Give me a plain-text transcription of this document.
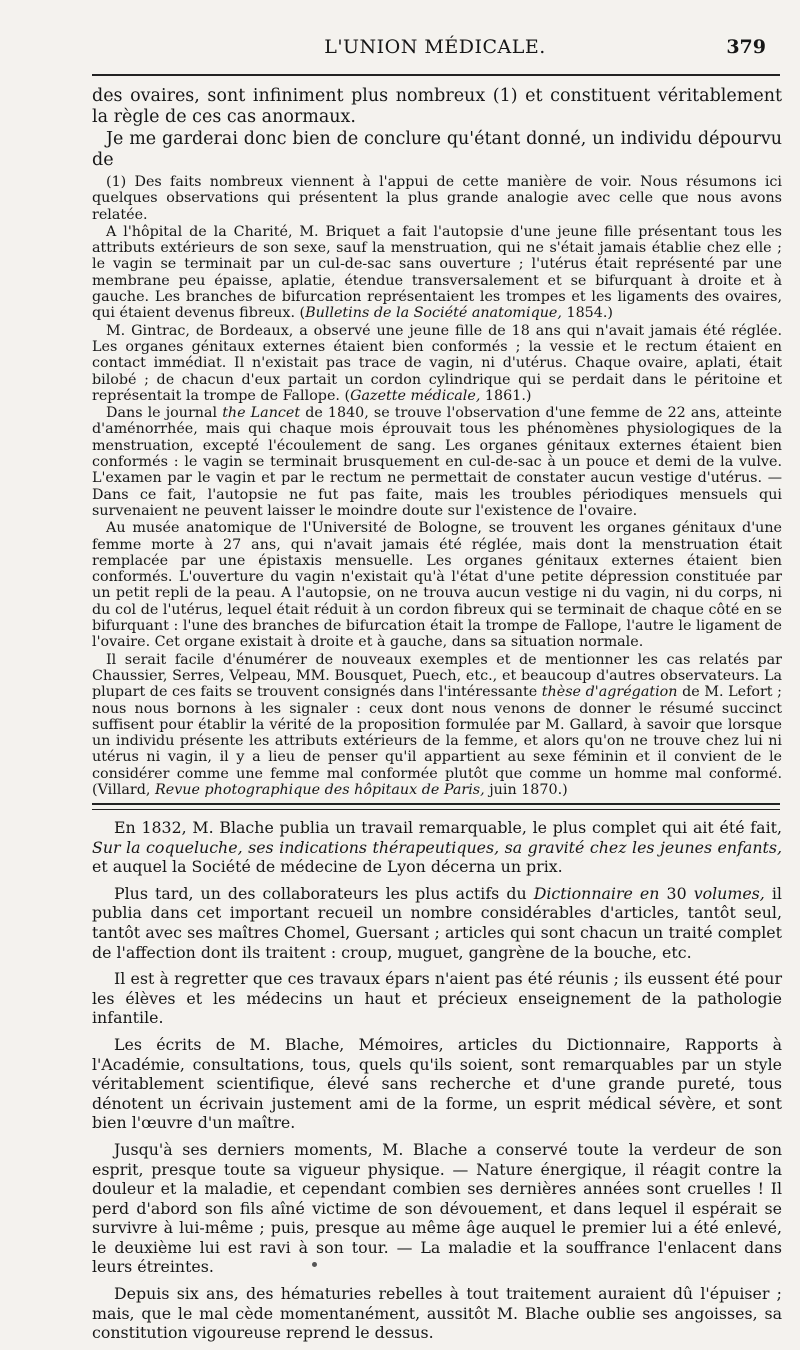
L'UNION MÉDICALE.	379

des ovaires, sont infiniment plus nombreux (1) et constituent véritablement la règle de ces cas anormaux.

Je me garderai donc bien de conclure qu'étant donné, un individu dépourvu de

(1) Des faits nombreux viennent à l'appui de cette manière de voir. Nous résumons ici quelques observations qui présentent la plus grande analogie avec celle que nous avons relatée.

A l'hôpital de la Charité, M. Briquet a fait l'autopsie d'une jeune fille présentant tous les attributs extérieurs de son sexe, sauf la menstruation, qui ne s'était jamais établie chez elle ; le vagin se terminait par un cul-de-sac sans ouverture ; l'utérus était représenté par une membrane peu épaisse, aplatie, étendue transversalement et se bifurquant à droite et à gauche. Les branches de bifurcation représentaient les trompes et les ligaments des ovaires, qui étaient devenus fibreux. (Bulletins de la Société anatomique, 1854.)

M. Gintrac, de Bordeaux, a observé une jeune fille de 18 ans qui n'avait jamais été réglée. Les organes génitaux externes étaient bien conformés ; la vessie et le rectum étaient en contact immédiat. Il n'existait pas trace de vagin, ni d'utérus. Chaque ovaire, aplati, était bilobé ; de chacun d'eux partait un cordon cylindrique qui se perdait dans le péritoine et représentait la trompe de Fallope. (Gazette médicale, 1861.)

Dans le journal the Lancet de 1840, se trouve l'observation d'une femme de 22 ans, atteinte d'aménorrhée, mais qui chaque mois éprouvait tous les phénomènes physiologiques de la menstruation, excepté l'écoulement de sang. Les organes génitaux externes étaient bien conformés : le vagin se terminait brusquement en cul-de-sac à un pouce et demi de la vulve. L'examen par le vagin et par le rectum ne permettait de constater aucun vestige d'utérus. — Dans ce fait, l'autopsie ne fut pas faite, mais les troubles périodiques mensuels qui survenaient ne peuvent laisser le moindre doute sur l'existence de l'ovaire.

Au musée anatomique de l'Université de Bologne, se trouvent les organes génitaux d'une femme morte à 27 ans, qui n'avait jamais été réglée, mais dont la menstruation était remplacée par une épistaxis mensuelle. Les organes génitaux externes étaient bien conformés. L'ouverture du vagin n'existait qu'à l'état d'une petite dépression constituée par un petit repli de la peau. A l'autopsie, on ne trouva aucun vestige ni du vagin, ni du corps, ni du col de l'utérus, lequel était réduit à un cordon fibreux qui se terminait de chaque côté en se bifurquant : l'une des branches de bifurcation était la trompe de Fallope, l'autre le ligament de l'ovaire. Cet organe existait à droite et à gauche, dans sa situation normale.

Il serait facile d'énumérer de nouveaux exemples et de mentionner les cas relatés par Chaussier, Serres, Velpeau, MM. Bousquet, Puech, etc., et beaucoup d'autres observateurs. La plupart de ces faits se trouvent consignés dans l'intéressante thèse d'agrégation de M. Lefort ; nous nous bornons à les signaler : ceux dont nous venons de donner le résumé succinct suffisent pour établir la vérité de la proposition formulée par M. Gallard, à savoir que lorsque un individu présente les attributs extérieurs de la femme, et alors qu'on ne trouve chez lui ni utérus ni vagin, il y a lieu de penser qu'il appartient au sexe féminin et il convient de le considérer comme une femme mal conformée plutôt que comme un homme mal conformé. (Villard, Revue photographique des hôpitaux de Paris, juin 1870.)

En 1832, M. Blache publia un travail remarquable, le plus complet qui ait été fait, Sur la coqueluche, ses indications thérapeutiques, sa gravité chez les jeunes enfants, et auquel la Société de médecine de Lyon décerna un prix.

Plus tard, un des collaborateurs les plus actifs du Dictionnaire en 30 volumes, il publia dans cet important recueil un nombre considérables d'articles, tantôt seul, tantôt avec ses maîtres Chomel, Guersant ; articles qui sont chacun un traité complet de l'affection dont ils traitent : croup, muguet, gangrène de la bouche, etc.

Il est à regretter que ces travaux épars n'aient pas été réunis ; ils eussent été pour les élèves et les médecins un haut et précieux enseignement de la pathologie infantile.

Les écrits de M. Blache, Mémoires, articles du Dictionnaire, Rapports à l'Académie, consultations, tous, quels qu'ils soient, sont remarquables par un style véritablement scientifique, élevé sans recherche et d'une grande pureté, tous dénotent un écrivain justement ami de la forme, un esprit médical sévère, et sont bien l'œuvre d'un maître.

Jusqu'à ses derniers moments, M. Blache a conservé toute la verdeur de son esprit, presque toute sa vigueur physique. — Nature énergique, il réagit contre la douleur et la maladie, et cependant combien ses dernières années sont cruelles ! Il perd d'abord son fils aîné victime de son dévouement, et dans lequel il espérait se survivre à lui-même ; puis, presque au même âge auquel le premier lui a été enlevé, le deuxième lui est ravi à son tour. — La maladie et la souffrance l'enlacent dans leurs étreintes.

Depuis six ans, des hématuries rebelles à tout traitement auraient dû l'épuiser ; mais, que le mal cède momentanément, aussitôt M. Blache oublie ses angoisses, sa constitution vigoureuse reprend le dessus.
